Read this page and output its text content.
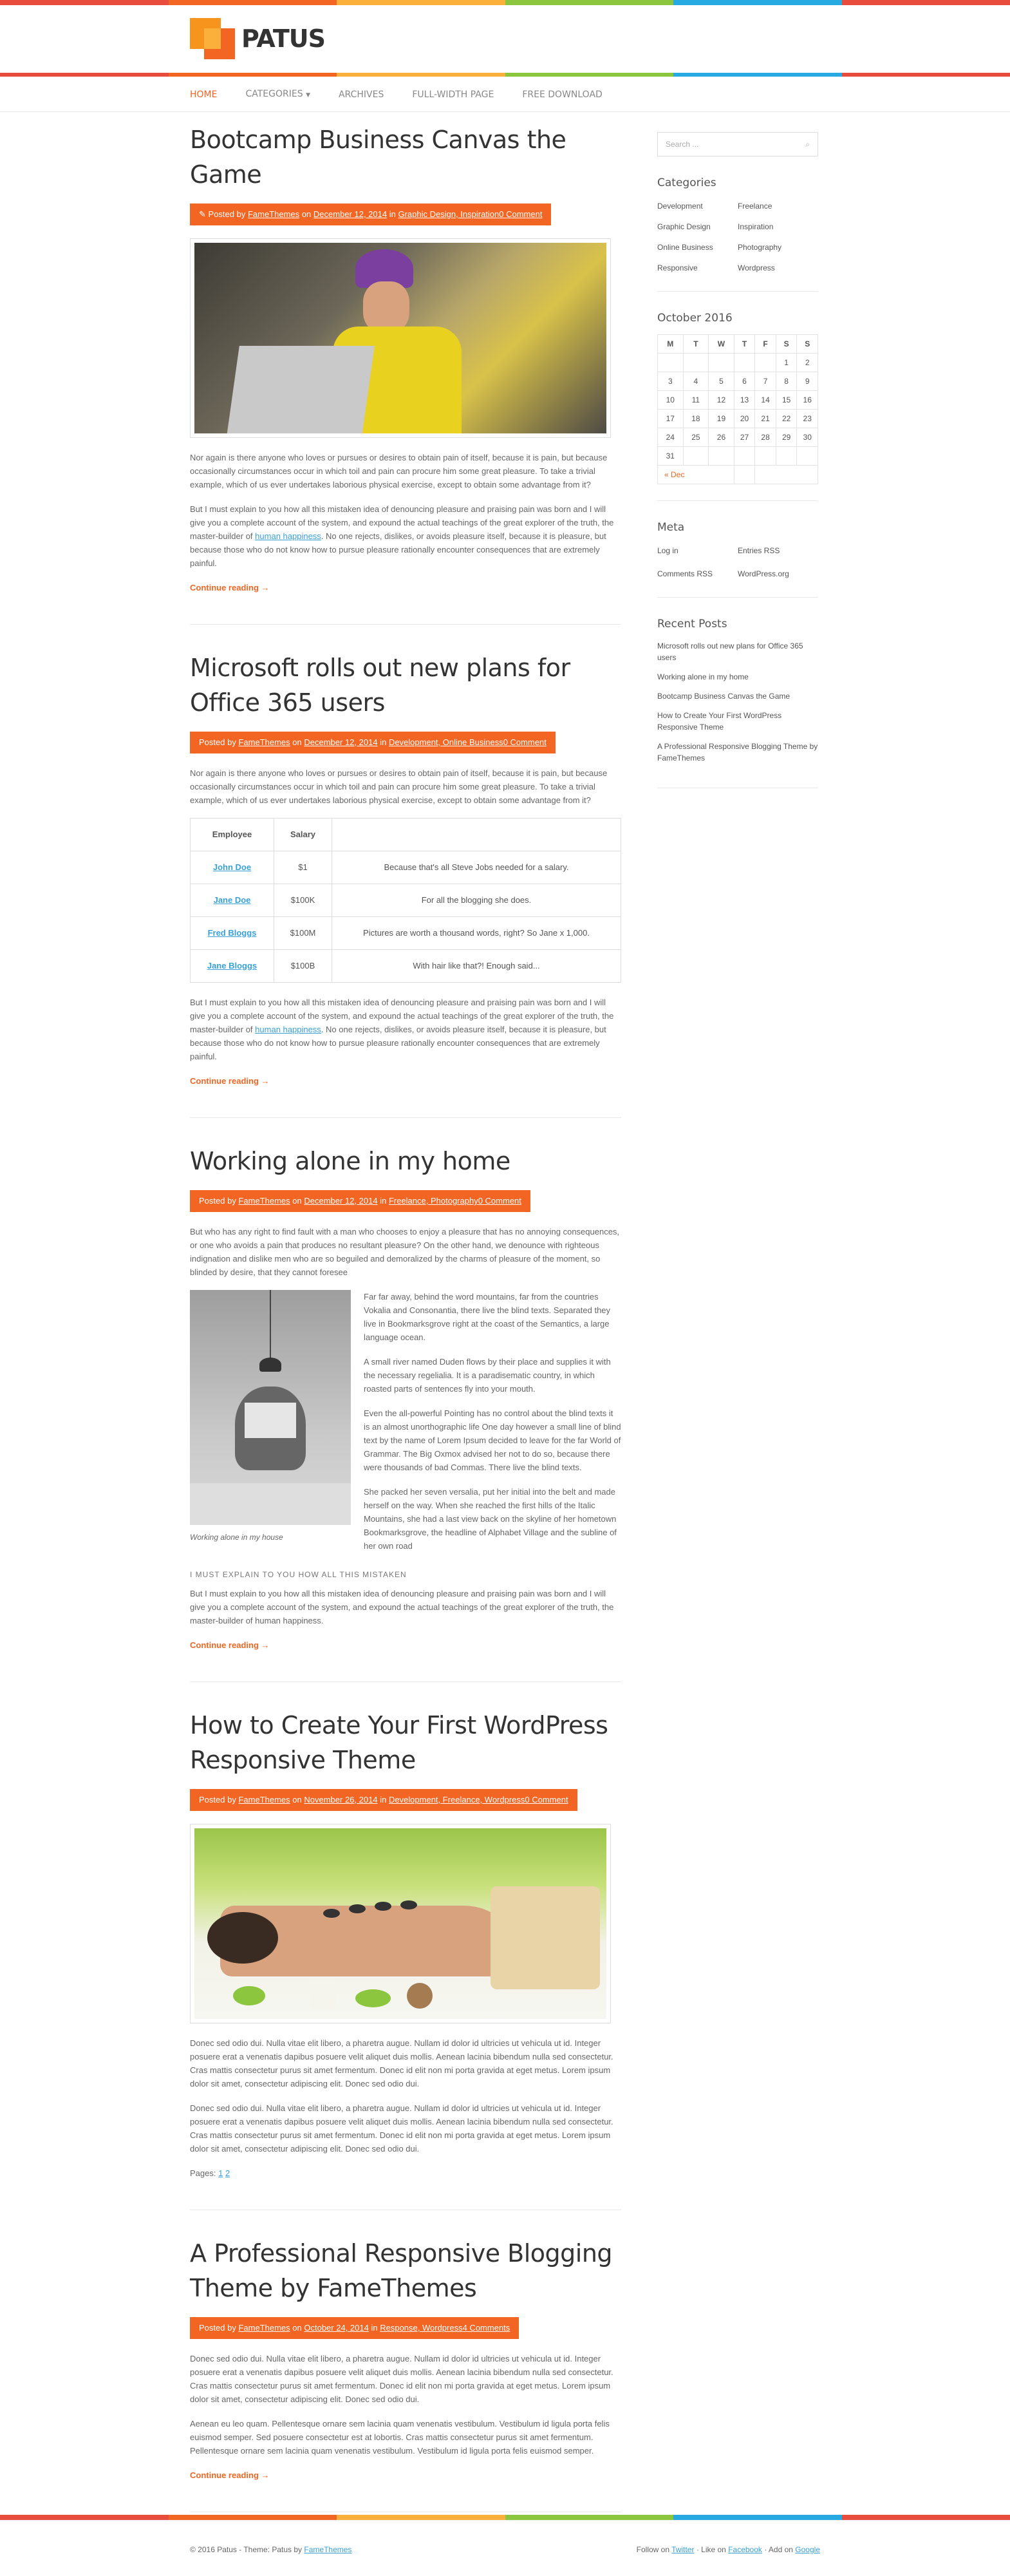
PATUS
HOME	CATEGORIES ▼	ARCHIVES	FULL-WIDTH PAGE	FREE DOWNLOAD
Bootcamp Business Canvas the Game
✎ Posted by FameThemes on December 12, 2014 in Graphic Design, Inspiration0 Comment

Nor again is there anyone who loves or pursues or desires to obtain pain of itself, because it is pain, but because occasionally circumstances occur in which toil and pain can procure him some great pleasure. To take a trivial example, which of us ever undertakes laborious physical exercise, except to obtain some advantage from it?

But I must explain to you how all this mistaken idea of denouncing pleasure and praising pain was born and I will give you a complete account of the system, and expound the actual teachings of the great explorer of the truth, the master-builder of human happiness. No one rejects, dislikes, or avoids pleasure itself, because it is pleasure, but because those who do not know how to pursue pleasure rationally encounter consequences that are extremely painful.

Continue reading →
Microsoft rolls out new plans for Office 365 users
Posted by FameThemes on December 12, 2014 in Development, Online Business0 Comment

Nor again is there anyone who loves or pursues or desires to obtain pain of itself, because it is pain, but because occasionally circumstances occur in which toil and pain can procure him some great pleasure. To take a trivial example, which of us ever undertakes laborious physical exercise, except to obtain some advantage from it?

Employee	Salary	
John Doe	$1	Because that's all Steve Jobs needed for a salary.
Jane Doe	$100K	For all the blogging she does.
Fred Bloggs	$100M	Pictures are worth a thousand words, right? So Jane x 1,000.
Jane Bloggs	$100B	With hair like that?! Enough said...

But I must explain to you how all this mistaken idea of denouncing pleasure and praising pain was born and I will give you a complete account of the system, and expound the actual teachings of the great explorer of the truth, the master-builder of human happiness. No one rejects, dislikes, or avoids pleasure itself, because it is pleasure, but because those who do not know how to pursue pleasure rationally encounter consequences that are extremely painful.

Continue reading →
Working alone in my home
Posted by FameThemes on December 12, 2014 in Freelance, Photography0 Comment

But who has any right to find fault with a man who chooses to enjoy a pleasure that has no annoying consequences, or one who avoids a pain that produces no resultant pleasure? On the other hand, we denounce with righteous indignation and dislike men who are so beguiled and demoralized by the charms of pleasure of the moment, so blinded by desire, that they cannot foresee

Working alone in my house

Far far away, behind the word mountains, far from the countries Vokalia and Consonantia, there live the blind texts. Separated they live in Bookmarksgrove right at the coast of the Semantics, a large language ocean.

A small river named Duden flows by their place and supplies it with the necessary regelialia. It is a paradisematic country, in which roasted parts of sentences fly into your mouth.

Even the all-powerful Pointing has no control about the blind texts it is an almost unorthographic life One day however a small line of blind text by the name of Lorem Ipsum decided to leave for the far World of Grammar. The Big Oxmox advised her not to do so, because there were thousands of bad Commas. There live the blind texts.

She packed her seven versalia, put her initial into the belt and made herself on the way. When she reached the first hills of the Italic Mountains, she had a last view back on the skyline of her hometown Bookmarksgrove, the headline of Alphabet Village and the subline of her own road

I MUST EXPLAIN TO YOU HOW ALL THIS MISTAKEN

But I must explain to you how all this mistaken idea of denouncing pleasure and praising pain was born and I will give you a complete account of the system, and expound the actual teachings of the great explorer of the truth, the master-builder of human happiness.

Continue reading →
How to Create Your First WordPress Responsive Theme
Posted by FameThemes on November 26, 2014 in Development, Freelance, Wordpress0 Comment

Donec sed odio dui. Nulla vitae elit libero, a pharetra augue. Nullam id dolor id ultricies ut vehicula ut id. Integer posuere erat a venenatis dapibus posuere velit aliquet duis mollis. Aenean lacinia bibendum nulla sed consectetur. Cras mattis consectetur purus sit amet fermentum. Donec id elit non mi porta gravida at eget metus. Lorem ipsum dolor sit amet, consectetur adipiscing elit. Donec sed odio dui.

Donec sed odio dui. Nulla vitae elit libero, a pharetra augue. Nullam id dolor id ultricies ut vehicula ut id. Integer posuere erat a venenatis dapibus posuere velit aliquet duis mollis. Aenean lacinia bibendum nulla sed consectetur. Cras mattis consectetur purus sit amet fermentum. Donec id elit non mi porta gravida at eget metus. Lorem ipsum dolor sit amet, consectetur adipiscing elit. Donec sed odio dui.

Pages: 1 2
A Professional Responsive Blogging Theme by FameThemes
Posted by FameThemes on October 24, 2014 in Response, Wordpress4 Comments

Donec sed odio dui. Nulla vitae elit libero, a pharetra augue. Nullam id dolor id ultricies ut vehicula ut id. Integer posuere erat a venenatis dapibus posuere velit aliquet duis mollis. Aenean lacinia bibendum nulla sed consectetur. Cras mattis consectetur purus sit amet fermentum. Donec id elit non mi porta gravida at eget metus. Lorem ipsum dolor sit amet, consectetur adipiscing elit. Donec sed odio dui.

Aenean eu leo quam. Pellentesque ornare sem lacinia quam venenatis vestibulum. Vestibulum id ligula porta felis euismod semper. Sed posuere consectetur est at lobortis. Cras mattis consectetur purus sit amet fermentum. Pellentesque ornare sem lacinia quam venenatis vestibulum. Vestibulum id ligula porta felis euismod semper.

Continue reading →
Search ...	⌕
Categories
Development	Freelance
Graphic Design	Inspiration
Online Business	Photography
Responsive	Wordpress
October 2016
M	T	W	T	F	S	S
					1	2
3	4	5	6	7	8	9
10	11	12	13	14	15	16
17	18	19	20	21	22	23
24	25	26	27	28	29	30
31						
« Dec						
Meta
Log in	Entries RSS
Comments RSS	WordPress.org
Recent Posts
Microsoft rolls out new plans for Office 365 users
Working alone in my home
Bootcamp Business Canvas the Game
How to Create Your First WordPress Responsive Theme
A Professional Responsive Blogging Theme by FameThemes
© 2016 Patus - Theme: Patus by FameThemes	Follow on Twitter · Like on Facebook · Add on Google
